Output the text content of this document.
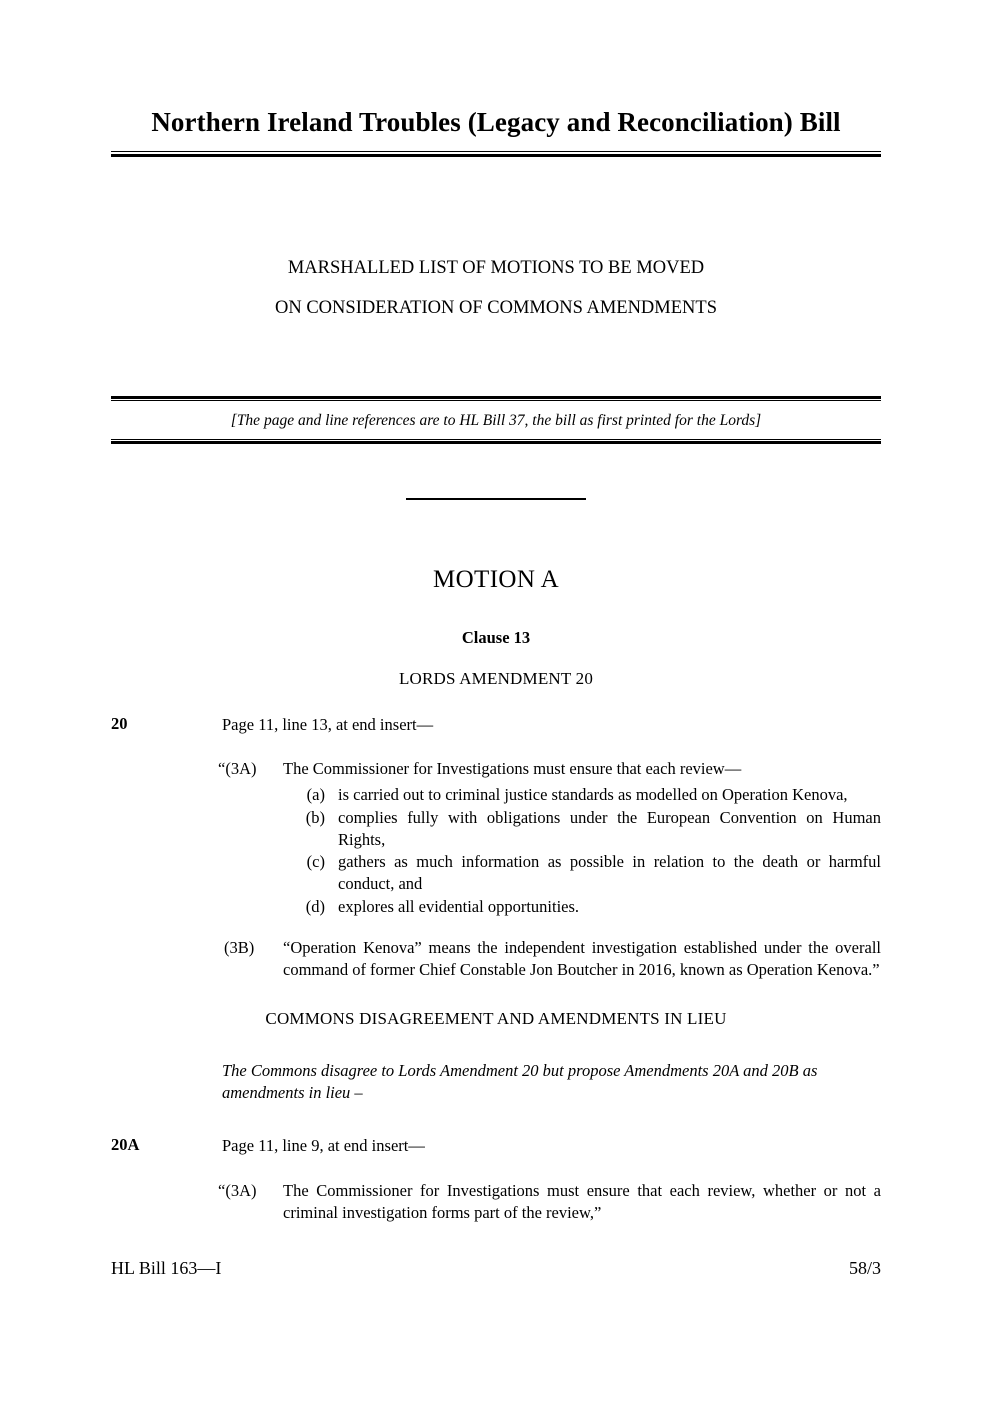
Northern Ireland Troubles (Legacy and Reconciliation) Bill
MARSHALLED LIST OF MOTIONS TO BE MOVED
ON CONSIDERATION OF COMMONS AMENDMENTS
[The page and line references are to HL Bill 37, the bill as first printed for the Lords]
MOTION A
Clause 13
LORDS AMENDMENT 20
20	Page 11, line 13, at end insert—
“(3A)	The Commissioner for Investigations must ensure that each review—
(a) is carried out to criminal justice standards as modelled on Operation Kenova,
(b) complies fully with obligations under the European Convention on Human Rights,
(c) gathers as much information as possible in relation to the death or harmful conduct, and
(d) explores all evidential opportunities.
(3B)	“Operation Kenova” means the independent investigation established under the overall command of former Chief Constable Jon Boutcher in 2016, known as Operation Kenova.”
COMMONS DISAGREEMENT AND AMENDMENTS IN LIEU
The Commons disagree to Lords Amendment 20 but propose Amendments 20A and 20B as amendments in lieu –
20A	Page 11, line 9, at end insert—
“(3A)	The Commissioner for Investigations must ensure that each review, whether or not a criminal investigation forms part of the review,”
HL Bill 163—I	58/3
